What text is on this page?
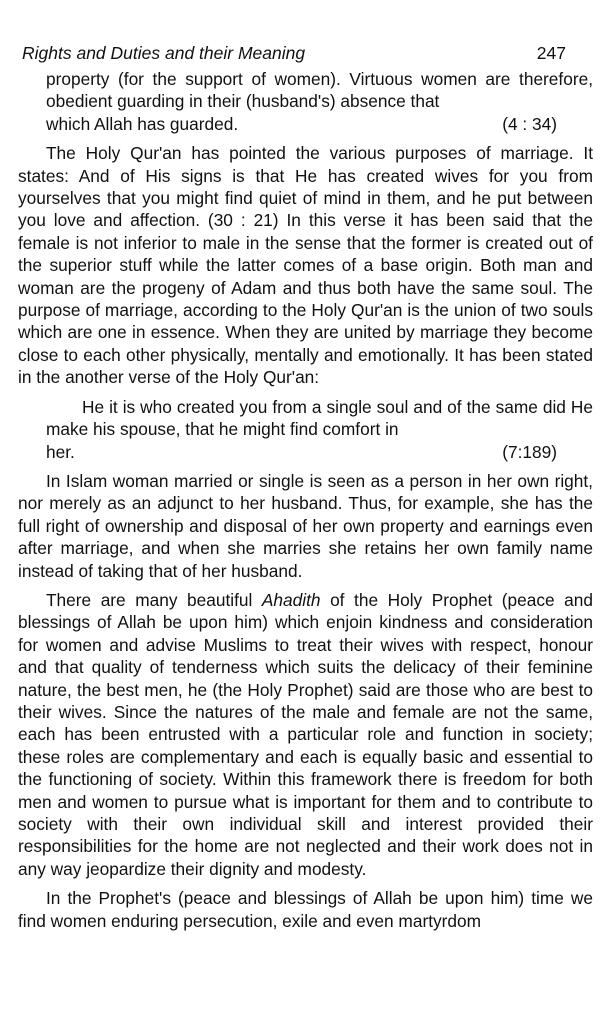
Rights and Duties and their Meaning	247
property (for the support of women). Virtuous women are therefore, obedient guarding in their (husband's) absence that
which Allah has guarded.	(4 : 34)

The Holy Qur'an has pointed the various purposes of marriage. It states: And of His signs is that He has created wives for you from yourselves that you might find quiet of mind in them, and he put between you love and affection. (30 : 21) In this verse it has been said that the female is not inferior to male in the sense that the former is created out of the superior stuff while the latter comes of a base origin. Both man and woman are the progeny of Adam and thus both have the same soul. The purpose of marriage, according to the Holy Qur'an is the union of two souls which are one in essence. When they are united by marriage they become close to each other physically, mentally and emotionally. It has been stated in the another verse of the Holy Qur'an:

He it is who created you from a single soul and of the same did He make his spouse, that he might find comfort in
her.	(7:189)

In Islam woman married or single is seen as a person in her own right, nor merely as an adjunct to her husband. Thus, for example, she has the full right of ownership and disposal of her own property and earnings even after marriage, and when she marries she retains her own family name instead of taking that of her husband.

There are many beautiful Ahadith of the Holy Prophet (peace and blessings of Allah be upon him) which enjoin kindness and consideration for women and advise Muslims to treat their wives with respect, honour and that quality of tenderness which suits the delicacy of their feminine nature, the best men, he (the Holy Prophet) said are those who are best to their wives. Since the natures of the male and female are not the same, each has been entrusted with a particular role and function in society; these roles are complementary and each is equally basic and essential to the functioning of society. Within this framework there is freedom for both men and women to pursue what is important for them and to contribute to society with their own individual skill and interest provided their responsibilities for the home are not neglected and their work does not in any way jeopardize their dignity and modesty.

In the Prophet's (peace and blessings of Allah be upon him) time we find women enduring persecution, exile and even martyrdom
